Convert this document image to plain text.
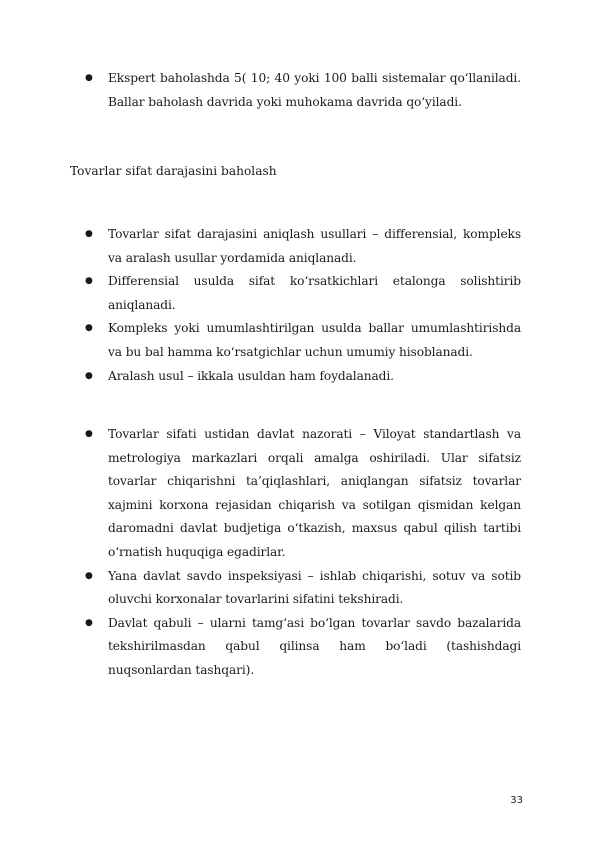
● Ekspert baholashda 5( 10; 40 yoki 100 balli sistemalar qo‘llaniladi. Ballar baholash davrida yoki muhokama davrida qo‘yiladi.
Tovarlar sifat darajasini baholash
● Tovarlar sifat darajasini aniqlash usullari – differensial, kompleks va aralash usullar yordamida aniqlanadi.
● Differensial usulda sifat ko‘rsatkichlari etalonga solishtirib aniqlanadi.
● Kompleks yoki umumlashtirilgan usulda ballar umumlashtirishda va bu bal hamma ko‘rsatgichlar uchun umumiy hisoblanadi.
● Aralash usul – ikkala usuldan ham foydalanadi.
● Tovarlar sifati ustidan davlat nazorati – Viloyat standartlash va metrologiya markazlari orqali amalga oshiriladi. Ular sifatsiz tovarlar chiqarishni ta’qiqlashlari, aniqlangan sifatsiz tovarlar xajmini korxona rejasidan chiqarish va sotilgan qismidan kelgan daromadni davlat budjetiga o‘tkazish, maxsus qabul qilish tartibi o‘rnatish huquqiga egadirlar.
● Yana davlat savdo inspeksiyasi – ishlab chiqarishi, sotuv va sotib oluvchi korxonalar tovarlarini sifatini tekshiradi.
● Davlat qabuli – ularni tamg‘asi bo‘lgan tovarlar savdo bazalarida tekshirilmasdan qabul qilinsa ham bo‘ladi (tashishdagi nuqsonlardan tashqari).
33
